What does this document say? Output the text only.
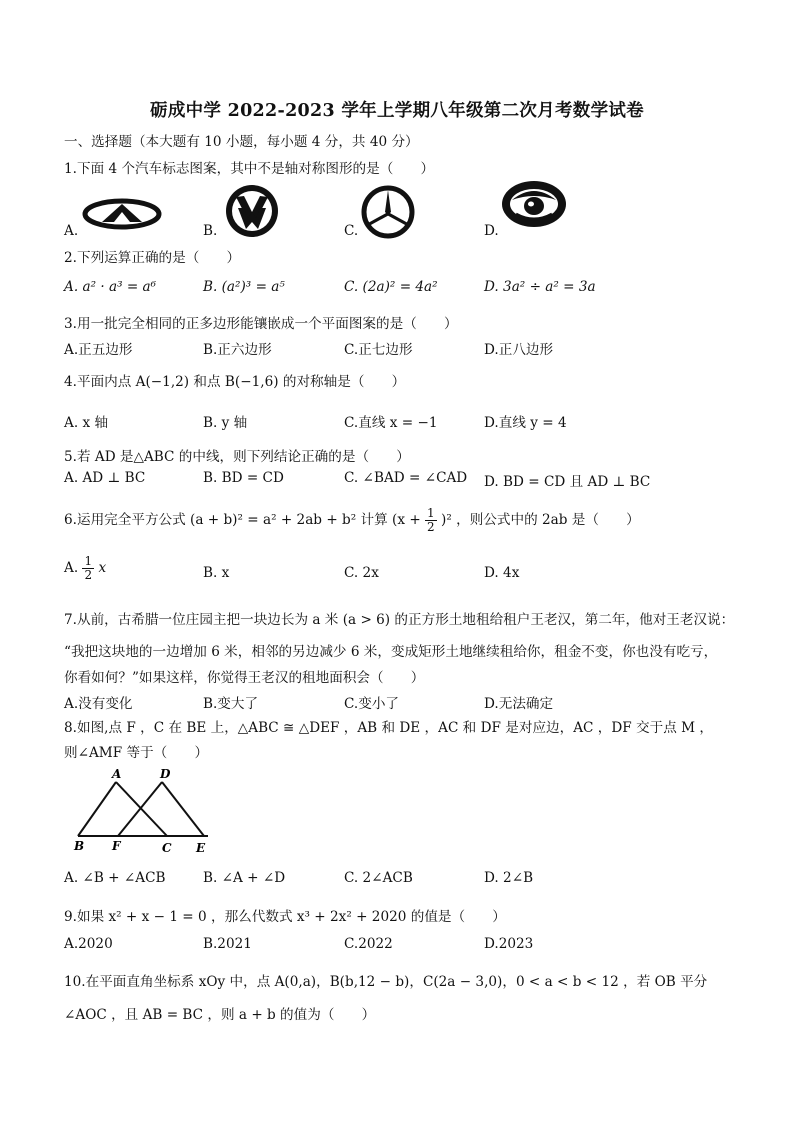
砺成中学 2022-2023 学年上学期八年级第二次月考数学试卷
一、选择题（本大题有 10 小题，每小题 4 分，共 40 分）
1.下面 4 个汽车标志图案，其中不是轴对称图形的是（　　）
A.	B.	C.	D.
2.下列运算正确的是（　　）
A. a² · a³ = a⁶	B. (a²)³ = a⁵	C. (2a)² = 4a²	D. 3a² ÷ a² = 3a
3.用一批完全相同的正多边形能镶嵌成一个平面图案的是（　　）
A.正五边形	B.正六边形	C.正七边形	D.正八边形
4.平面内点 A(−1,2) 和点 B(−1,6) 的对称轴是（　　）
A. x 轴	B. y 轴	C.直线 x = −1	D.直线 y = 4
5.若 AD 是△ABC 的中线，则下列结论正确的是（　　）
A. AD ⊥ BC	B. BD = CD	C. ∠BAD = ∠CAD D. BD = CD 且 AD ⊥ BC
6.运用完全平方公式 (a + b)² = a² + 2ab + b² 计算 $(x + \frac{1}{2} )^2$ ，则公式中的 2ab 是（　　）
A. $\frac{1}{2}$ x	B. x	C. 2x	D. 4x
7.从前，古希腊一位庄园主把一块边长为 a 米 (a > 6) 的正方形土地租给租户王老汉，第二年，他对王老汉说：
“我把这块地的一边增加 6 米，相邻的另边减少 6 米，变成矩形土地继续租给你，租金不变，你也没有吃亏，
你看如何？”如果这样，你觉得王老汉的租地面积会（　　）
A.没有变化	B.变大了	C.变小了	D.无法确定
8.如图,点 F ，C 在 BE 上，△ABC ≅ △DEF ，AB 和 DE ，AC 和 DF 是对应边，AC ，DF 交于点 M ，
则∠AMF 等于（　　）
A	D
B F	C E
A. ∠B + ∠ACB	B. ∠A + ∠D	C. 2∠ACB	D. 2∠B
9.如果 x² + x − 1 = 0 ，那么代数式 x³ + 2x² + 2020 的值是（　　）
A.2020	B.2021	C.2022	D.2023
10.在平面直角坐标系 xOy 中，点 A(0,a)，B(b,12 − b)，C(2a − 3,0)，0 < a < b < 12 ，若 OB 平分
∠AOC ，且 AB = BC ，则 a + b 的值为（　　）
